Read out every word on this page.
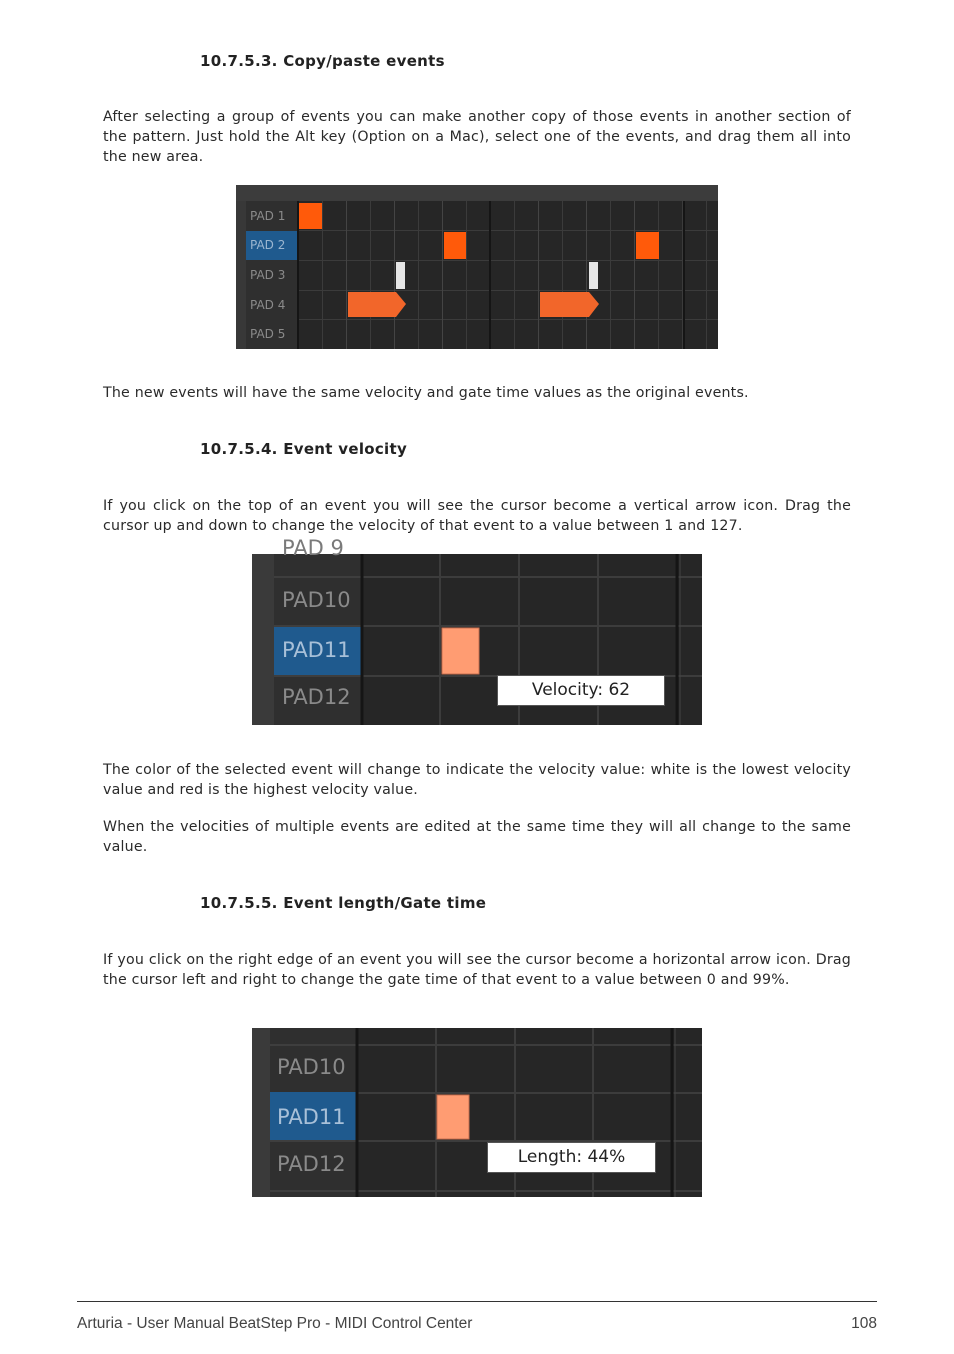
10.7.5.3. Copy/paste events

After selecting a group of events you can make another copy of those events in another section of the pattern. Just hold the Alt key (Option on a Mac), select one of the events, and drag them all into the new area.

PAD 1
PAD 2
PAD 3
PAD 4
PAD 5

The new events will have the same velocity and gate time values as the original events.

10.7.5.4. Event velocity

If you click on the top of an event you will see the cursor become a vertical arrow icon. Drag the cursor up and down to change the velocity of that event to a value between 1 and 127.

PAD 9
PAD10
PAD11
PAD12	Velocity: 62

The color of the selected event will change to indicate the velocity value: white is the lowest velocity value and red is the highest velocity value.

When the velocities of multiple events are edited at the same time they will all change to the same value.

10.7.5.5. Event length/Gate time

If you click on the right edge of an event you will see the cursor become a horizontal arrow icon. Drag the cursor left and right to change the gate time of that event to a value between 0 and 99%.

PAD10
PAD11
PAD12	Length: 44%
Arturia - User Manual BeatStep Pro - MIDI Control Center	108
